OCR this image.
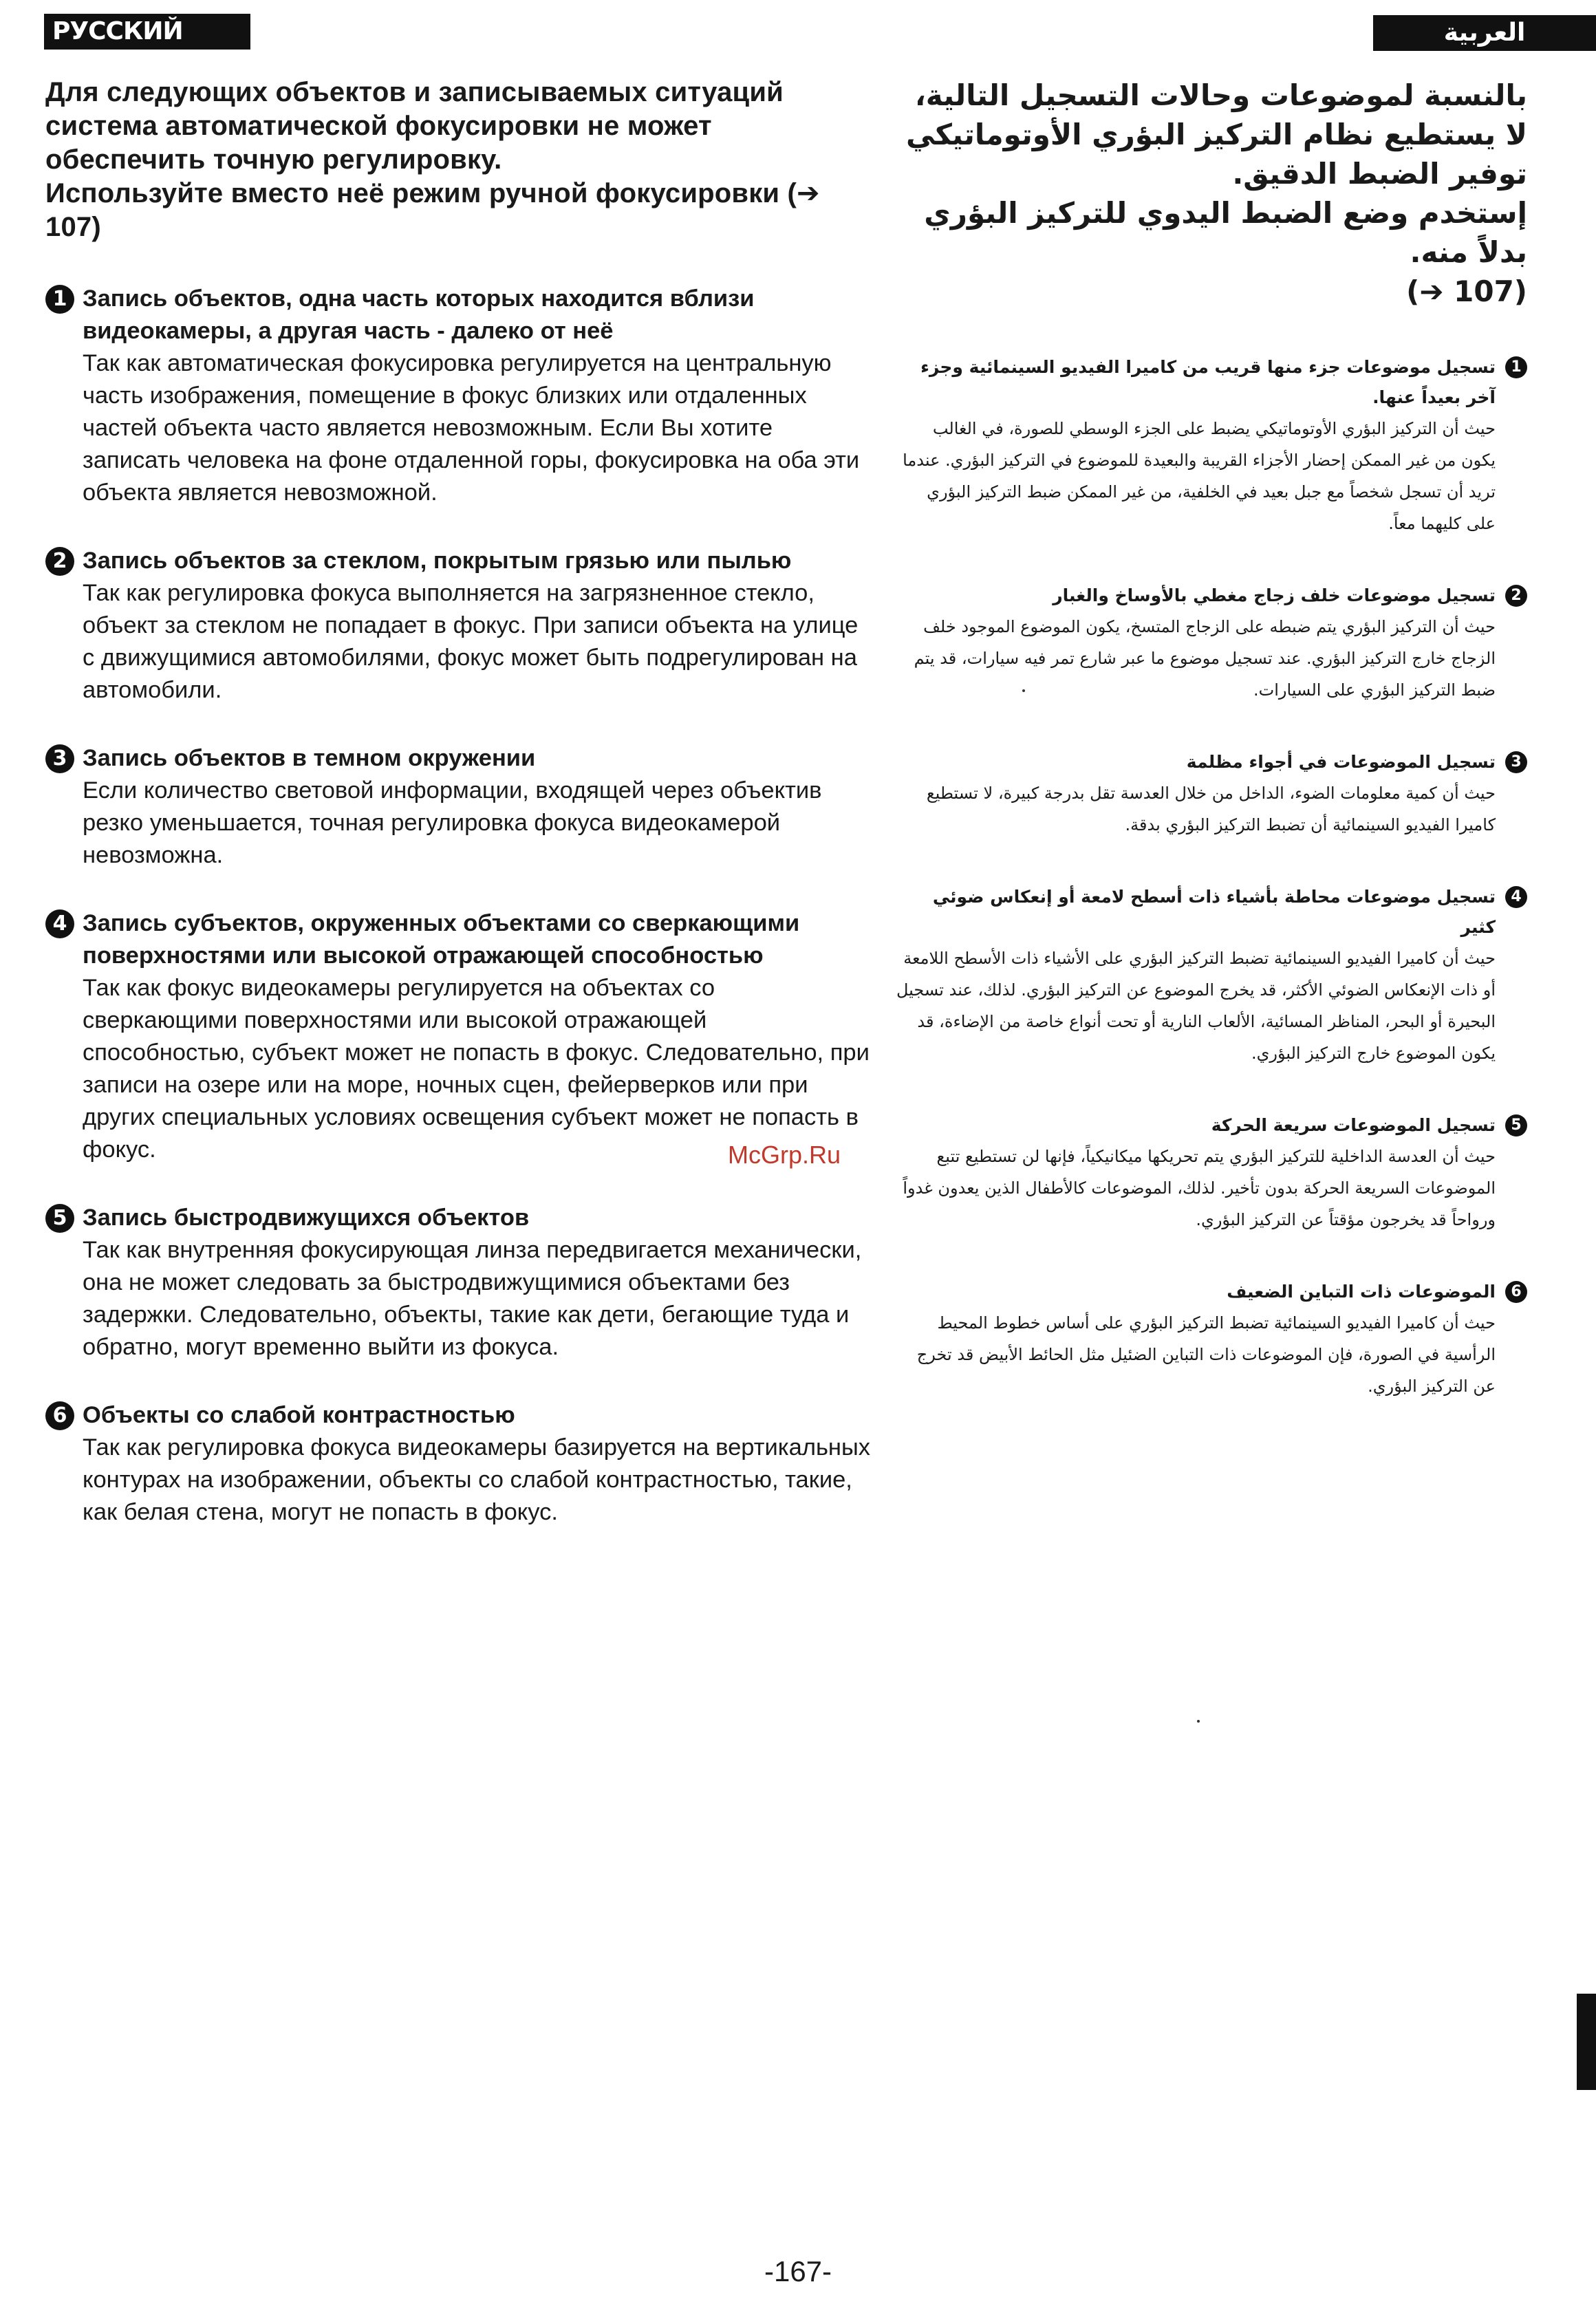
РУССКИЙ ЯЗЫК
العربية

Для следующих объектов и записываемых ситуаций система автоматической фокусировки не может обеспечить точную регулировку.

Используйте вместо неё режим ручной фокусировки (➔ 107)

1 Запись объектов, одна часть которых находится вблизи видеокамеры, а другая часть - далеко от неё
Так как автоматическая фокусировка регулируется на центральную часть изображения, помещение в фокус близких или отдаленных частей объекта часто является невозможным. Если Вы хотите записать человека на фоне отдаленной горы, фокусировка на оба эти объекта является невозможной.
2 Запись объектов за стеклом, покрытым грязью или пылью
Так как регулировка фокуса выполняется на загрязненное стекло, объект за стеклом не попадает в фокус. При записи объекта на улице с движущимися автомобилями, фокус может быть подрегулирован на автомобили.
3 Запись объектов в темном окружении
Если количество световой информации, входящей через объектив резко уменьшается, точная регулировка фокуса видеокамерой невозможна.
4 Запись субъектов, окруженных объектами со сверкающими поверхностями или высокой отражающей способностью
Так как фокус видеокамеры регулируется на объектах со сверкающими поверхностями или высокой отражающей способностью, субъект может не попасть в фокус. Следовательно, при записи на озере или на море, ночных сцен, фейерверков или при других специальных условиях освещения субъект может не попасть в фокус.
5 Запись быстродвижущихся объектов
Так как внутренняя фокусирующая линза передвигается механически, она не может следовать за быстродвижущимися объектами без задержки. Следовательно, объекты, такие как дети, бегающие туда и обратно, могут временно выйти из фокуса.
6 Объекты со слабой контрастностью
Так как регулировка фокуса видеокамеры базируется на вертикальных контурах на изображении, объекты со слабой контрастностью, такие, как белая стена, могут не попасть в фокус.

بالنسبة لموضوعات وحالات التسجيل التالية، لا يستطيع نظام التركيز البؤري الأوتوماتيكي توفير الضبط الدقيق.

إستخدم وضع الضبط اليدوي للتركيز البؤري بدلاً منه.

(➔ 107)
1
تسجيل موضوعات جزء منها قريب من كاميرا الفيديو السينمائية وجزء آخر بعيداً عنها.
حيث أن التركيز البؤري الأوتوماتيكي يضبط على الجزء الوسطي للصورة، في الغالب يكون من غير الممكن إحضار الأجزاء القريبة والبعيدة للموضوع في التركيز البؤري. عندما تريد أن تسجل شخصاً مع جبل بعيد في الخلفية، من غير الممكن ضبط التركيز البؤري على كليهما معاً.
2
تسجيل موضوعات خلف زجاج مغطي بالأوساخ والغبار
حيث أن التركيز البؤري يتم ضبطه على الزجاج المتسخ، يكون الموضوع الموجود خلف الزجاج خارج التركيز البؤري. عند تسجيل موضوع ما عبر شارع تمر فيه سيارات، قد يتم ضبط التركيز البؤري على السيارات.
3
تسجيل الموضوعات في أجواء مظلمة
حيث أن كمية معلومات الضوء، الداخل من خلال العدسة تقل بدرجة كبيرة، لا تستطيع كاميرا الفيديو السينمائية أن تضبط التركيز البؤري بدقة.
4
تسجيل موضوعات محاطة بأشياء ذات أسطح لامعة أو إنعكاس ضوئي كثير
حيث أن كاميرا الفيديو السينمائية تضبط التركيز البؤري على الأشياء ذات الأسطح اللامعة أو ذات الإنعكاس الضوئي الأكثر، قد يخرج الموضوع عن التركيز البؤري. لذلك، عند تسجيل البحيرة أو البحر، المناظر المسائية، الألعاب النارية أو تحت أنواع خاصة من الإضاءة، قد يكون الموضوع خارج التركيز البؤري.
5
تسجيل الموضوعات سريعة الحركة
حيث أن العدسة الداخلية للتركيز البؤري يتم تحريكها ميكانيكياً، فإنها لن تستطيع تتبع الموضوعات السريعة الحركة بدون تأخير. لذلك، الموضوعات كالأطفال الذين يعدون غدواً ورواحاً قد يخرجون مؤقتاً عن التركيز البؤري.
6
الموضوعات ذات التباين الضعيف
حيث أن كاميرا الفيديو السينمائية تضبط التركيز البؤري على أساس خطوط المحيط الرأسية في الصورة، فإن الموضوعات ذات التباين الضئيل مثل الحائط الأبيض قد تخرج عن التركيز البؤري.
McGrp.Ru
-167-
